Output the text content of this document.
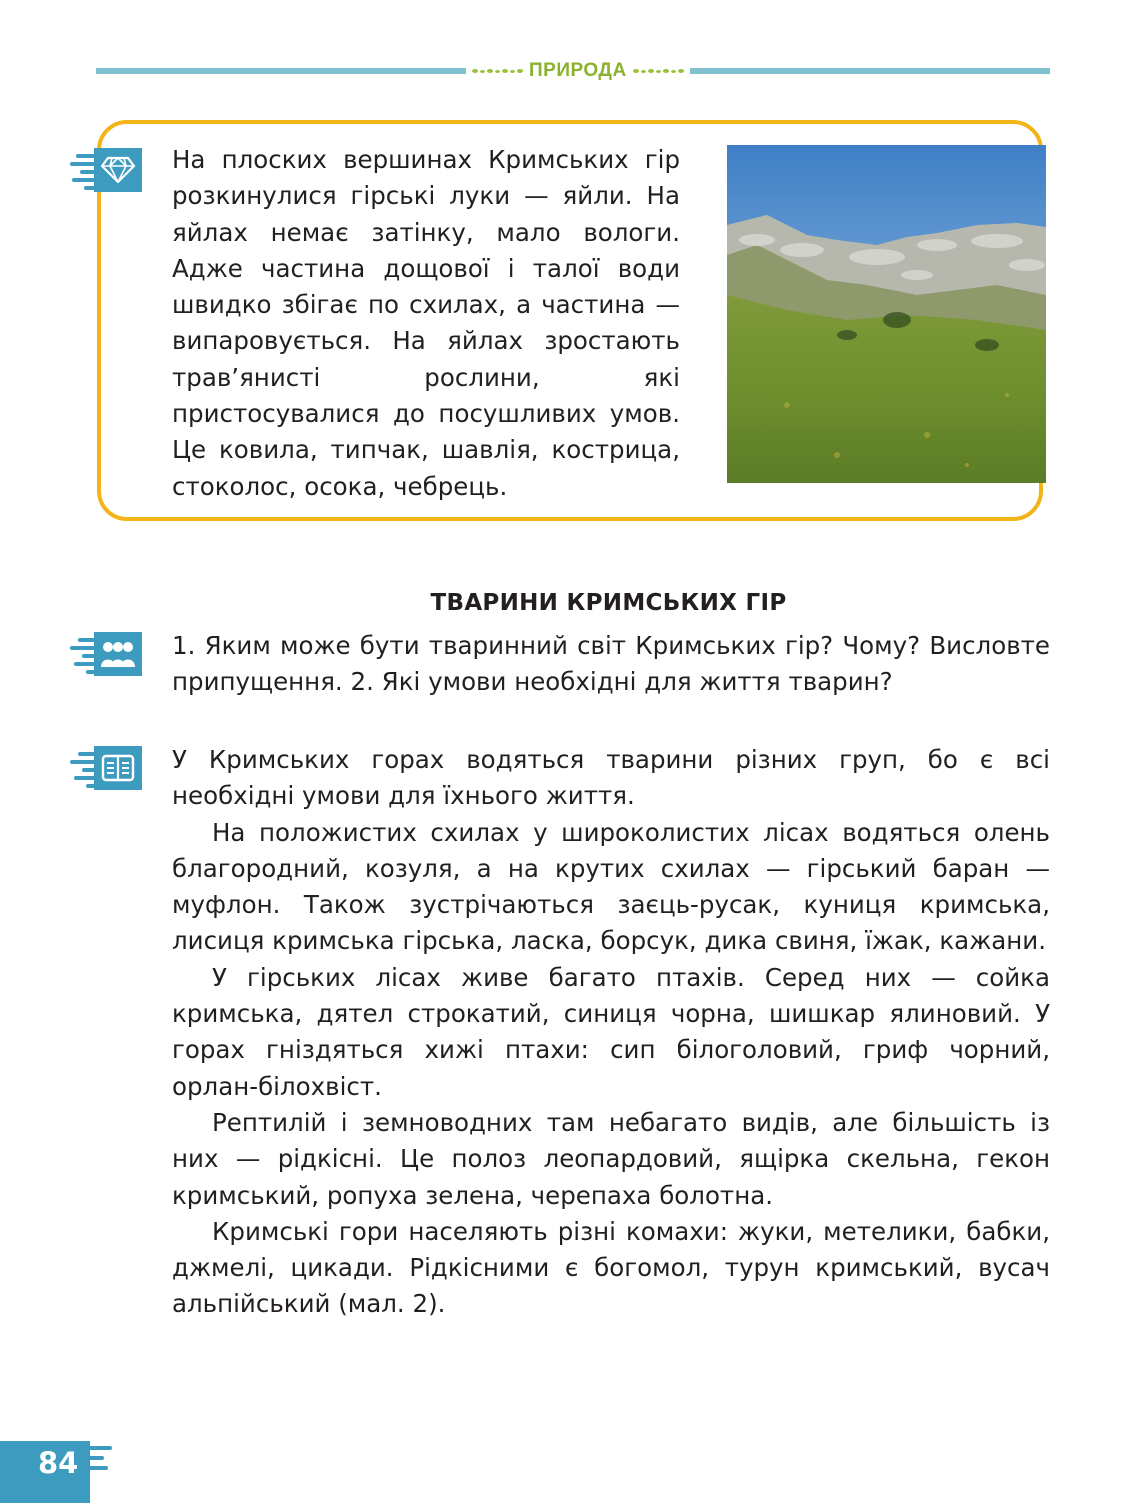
ПРИРОДА

На плоских вершинах Кримських гір розкинулися гірські луки — яйли. На яйлах немає затінку, мало вологи. Адже частина дощової і талої води швидко збігає по схилах, а частина — випаровується. На яйлах зростають трав’янисті рослини, які пристосувалися до посушливих умов. Це ковила, типчак, шавлія, кострица, стоколос, осока, чебрець.

ТВАРИНИ КРИМСЬКИХ ГІР

1. Яким може бути тваринний світ Кримських гір? Чому? Висловте припущення. 2. Які умови необхідні для життя тварин?

У Кримських горах водяться тварини різних груп, бо є всі необхідні умови для їхнього життя.

На положистих схилах у широколистих лісах водяться олень благородний, козуля, а на крутих схилах — гірський баран — муфлон. Також зустрічаються заєць-русак, куниця кримська, лисиця кримська гірська, ласка, борсук, дика свиня, їжак, кажани.

У гірських лісах живе багато птахів. Серед них — сойка кримська, дятел строкатий, синиця чорна, шишкар ялиновий. У горах гніздяться хижі птахи: сип білоголовий, гриф чорний, орлан-білохвіст.

Рептилій і земноводних там небагато видів, але більшість із них — рідкісні. Це полоз леопардовий, ящірка скельна, гекон кримський, ропуха зелена, черепаха болотна.

Кримські гори населяють різні комахи: жуки, метелики, бабки, джмелі, цикади. Рідкісними є богомол, турун кримський, вусач альпійський (мал. 2).

84
